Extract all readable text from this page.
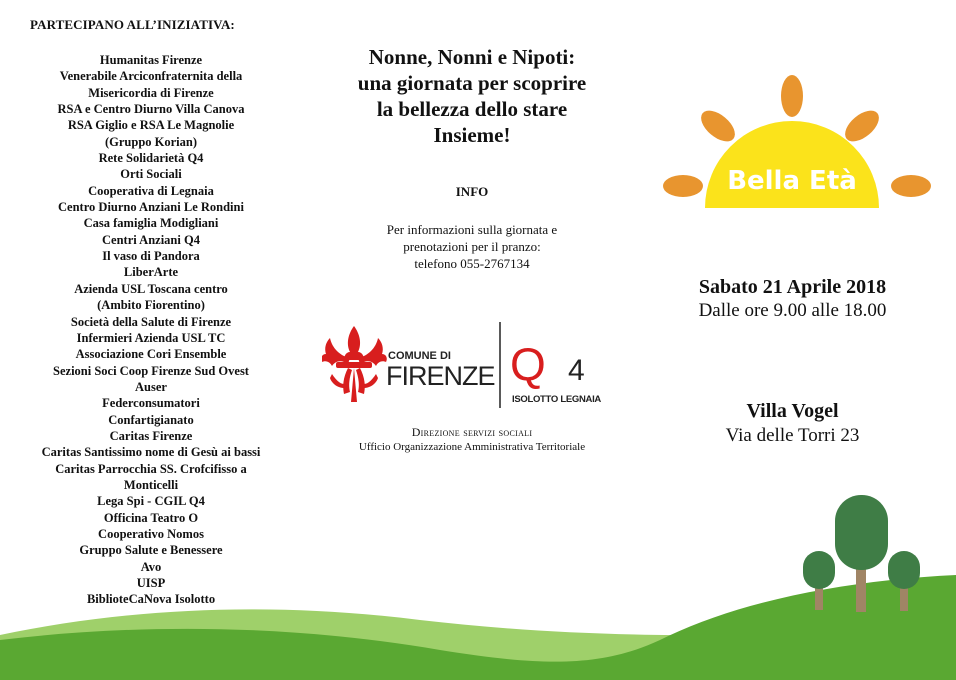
PARTECIPANO ALL’INIZIATIVA:
Humanitas Firenze
Venerabile Arciconfraternita della
Misericordia di Firenze
RSA e Centro Diurno Villa Canova
RSA Giglio e RSA Le Magnolie
(Gruppo Korian)
Rete Solidarietà Q4
Orti Sociali
Cooperativa di Legnaia
Centro Diurno Anziani Le Rondini
Casa famiglia Modigliani
Centri Anziani Q4
Il vaso di Pandora
LiberArte
Azienda USL Toscana centro
(Ambito Fiorentino)
Società della Salute di Firenze
Infermieri Azienda USL TC
Associazione Cori Ensemble
Sezioni Soci Coop Firenze Sud Ovest
Auser
Federconsumatori
Confartigianato
Caritas Firenze
Caritas Santissimo nome di Gesù ai bassi
Caritas Parrocchia SS. Crofcifisso a
Monticelli
Lega Spi - CGIL Q4
Officina Teatro O
Cooperativo Nomos
Gruppo Salute e Benessere
Avo
UISP
BiblioteCaNova Isolotto
Nonne, Nonni e Nipoti:
una giornata per scoprire
la bellezza dello stare
Insieme!
INFO
Per informazioni sulla giornata e
prenotazioni per il pranzo:
telefono 055-2767134
COMUNE DI
FIRENZE Q 4
ISOLOTTO LEGNAIA
Direzione servizi sociali
Ufficio Organizzazione Amministrativa Territoriale
Bella Età
Sabato 21 Aprile 2018
Dalle ore 9.00 alle 18.00
Villa Vogel
Via delle Torri 23
